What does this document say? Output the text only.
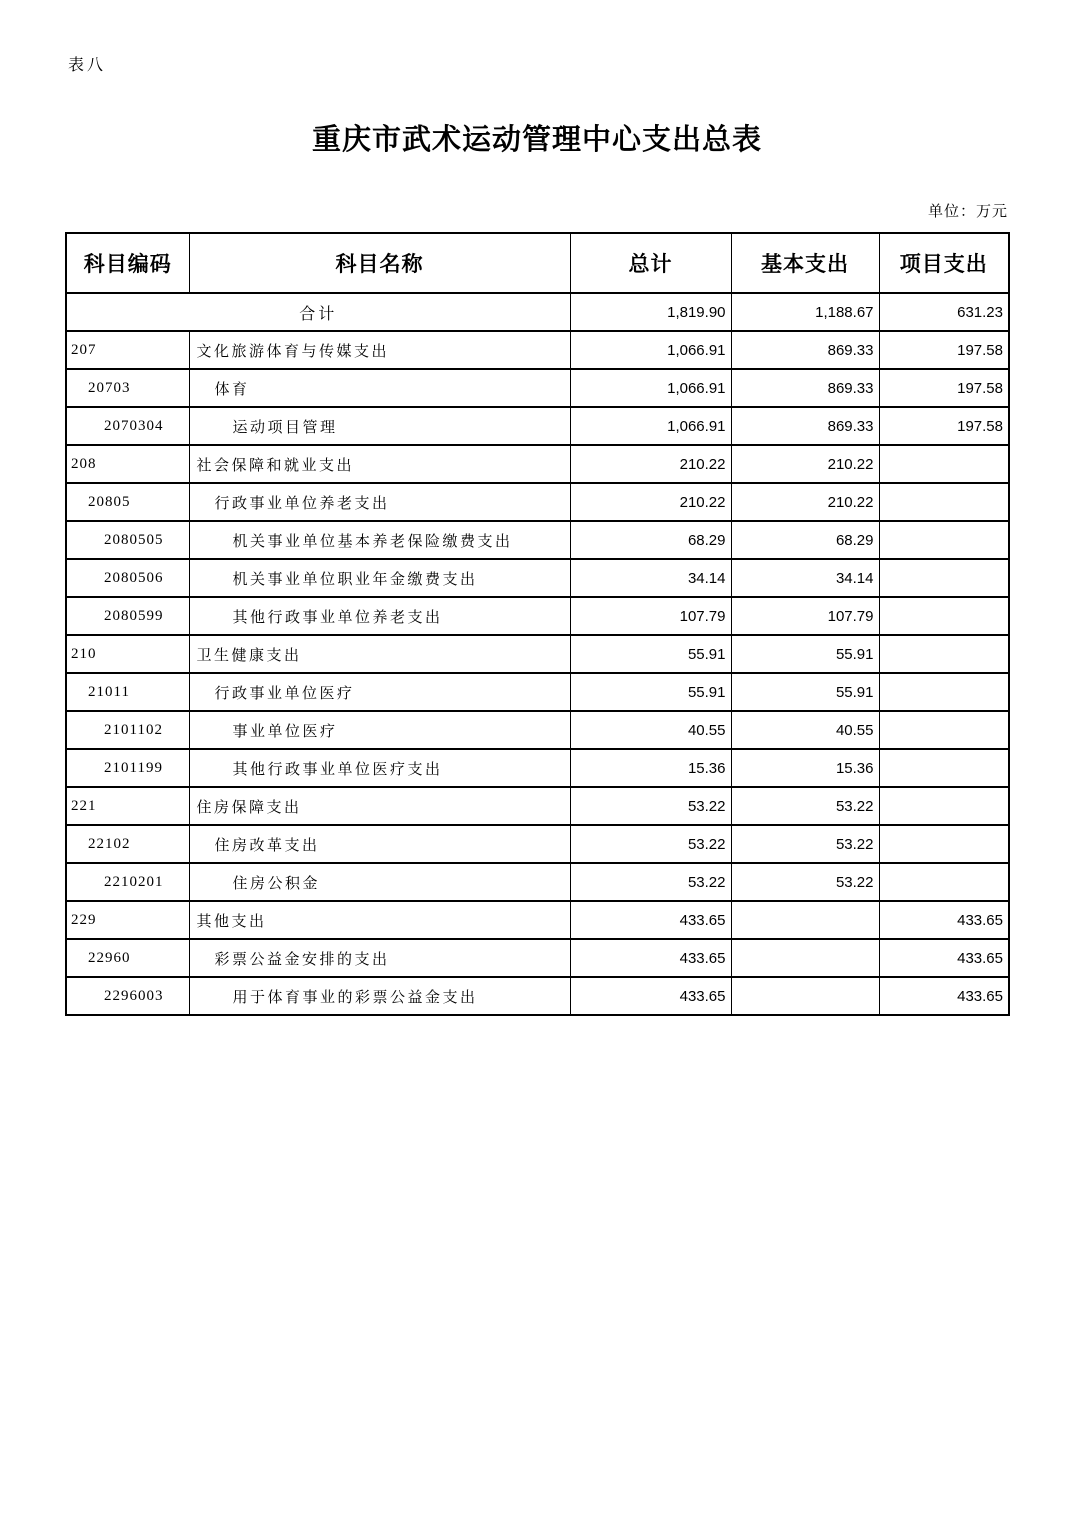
表八
重庆市武术运动管理中心支出总表
单位：万元
科目编码	科目名称	总计	基本支出	项目支出
合计		1,819.90	1,188.67	631.23
207	文化旅游体育与传媒支出	1,066.91	869.33	197.58
20703	体育	1,066.91	869.33	197.58
2070304	运动项目管理	1,066.91	869.33	197.58
208	社会保障和就业支出	210.22	210.22	
20805	行政事业单位养老支出	210.22	210.22	
2080505	机关事业单位基本养老保险缴费支出	68.29	68.29	
2080506	机关事业单位职业年金缴费支出	34.14	34.14	
2080599	其他行政事业单位养老支出	107.79	107.79	
210	卫生健康支出	55.91	55.91	
21011	行政事业单位医疗	55.91	55.91	
2101102	事业单位医疗	40.55	40.55	
2101199	其他行政事业单位医疗支出	15.36	15.36	
221	住房保障支出	53.22	53.22	
22102	住房改革支出	53.22	53.22	
2210201	住房公积金	53.22	53.22	
229	其他支出	433.65		433.65
22960	彩票公益金安排的支出	433.65		433.65
2296003	用于体育事业的彩票公益金支出	433.65		433.65
